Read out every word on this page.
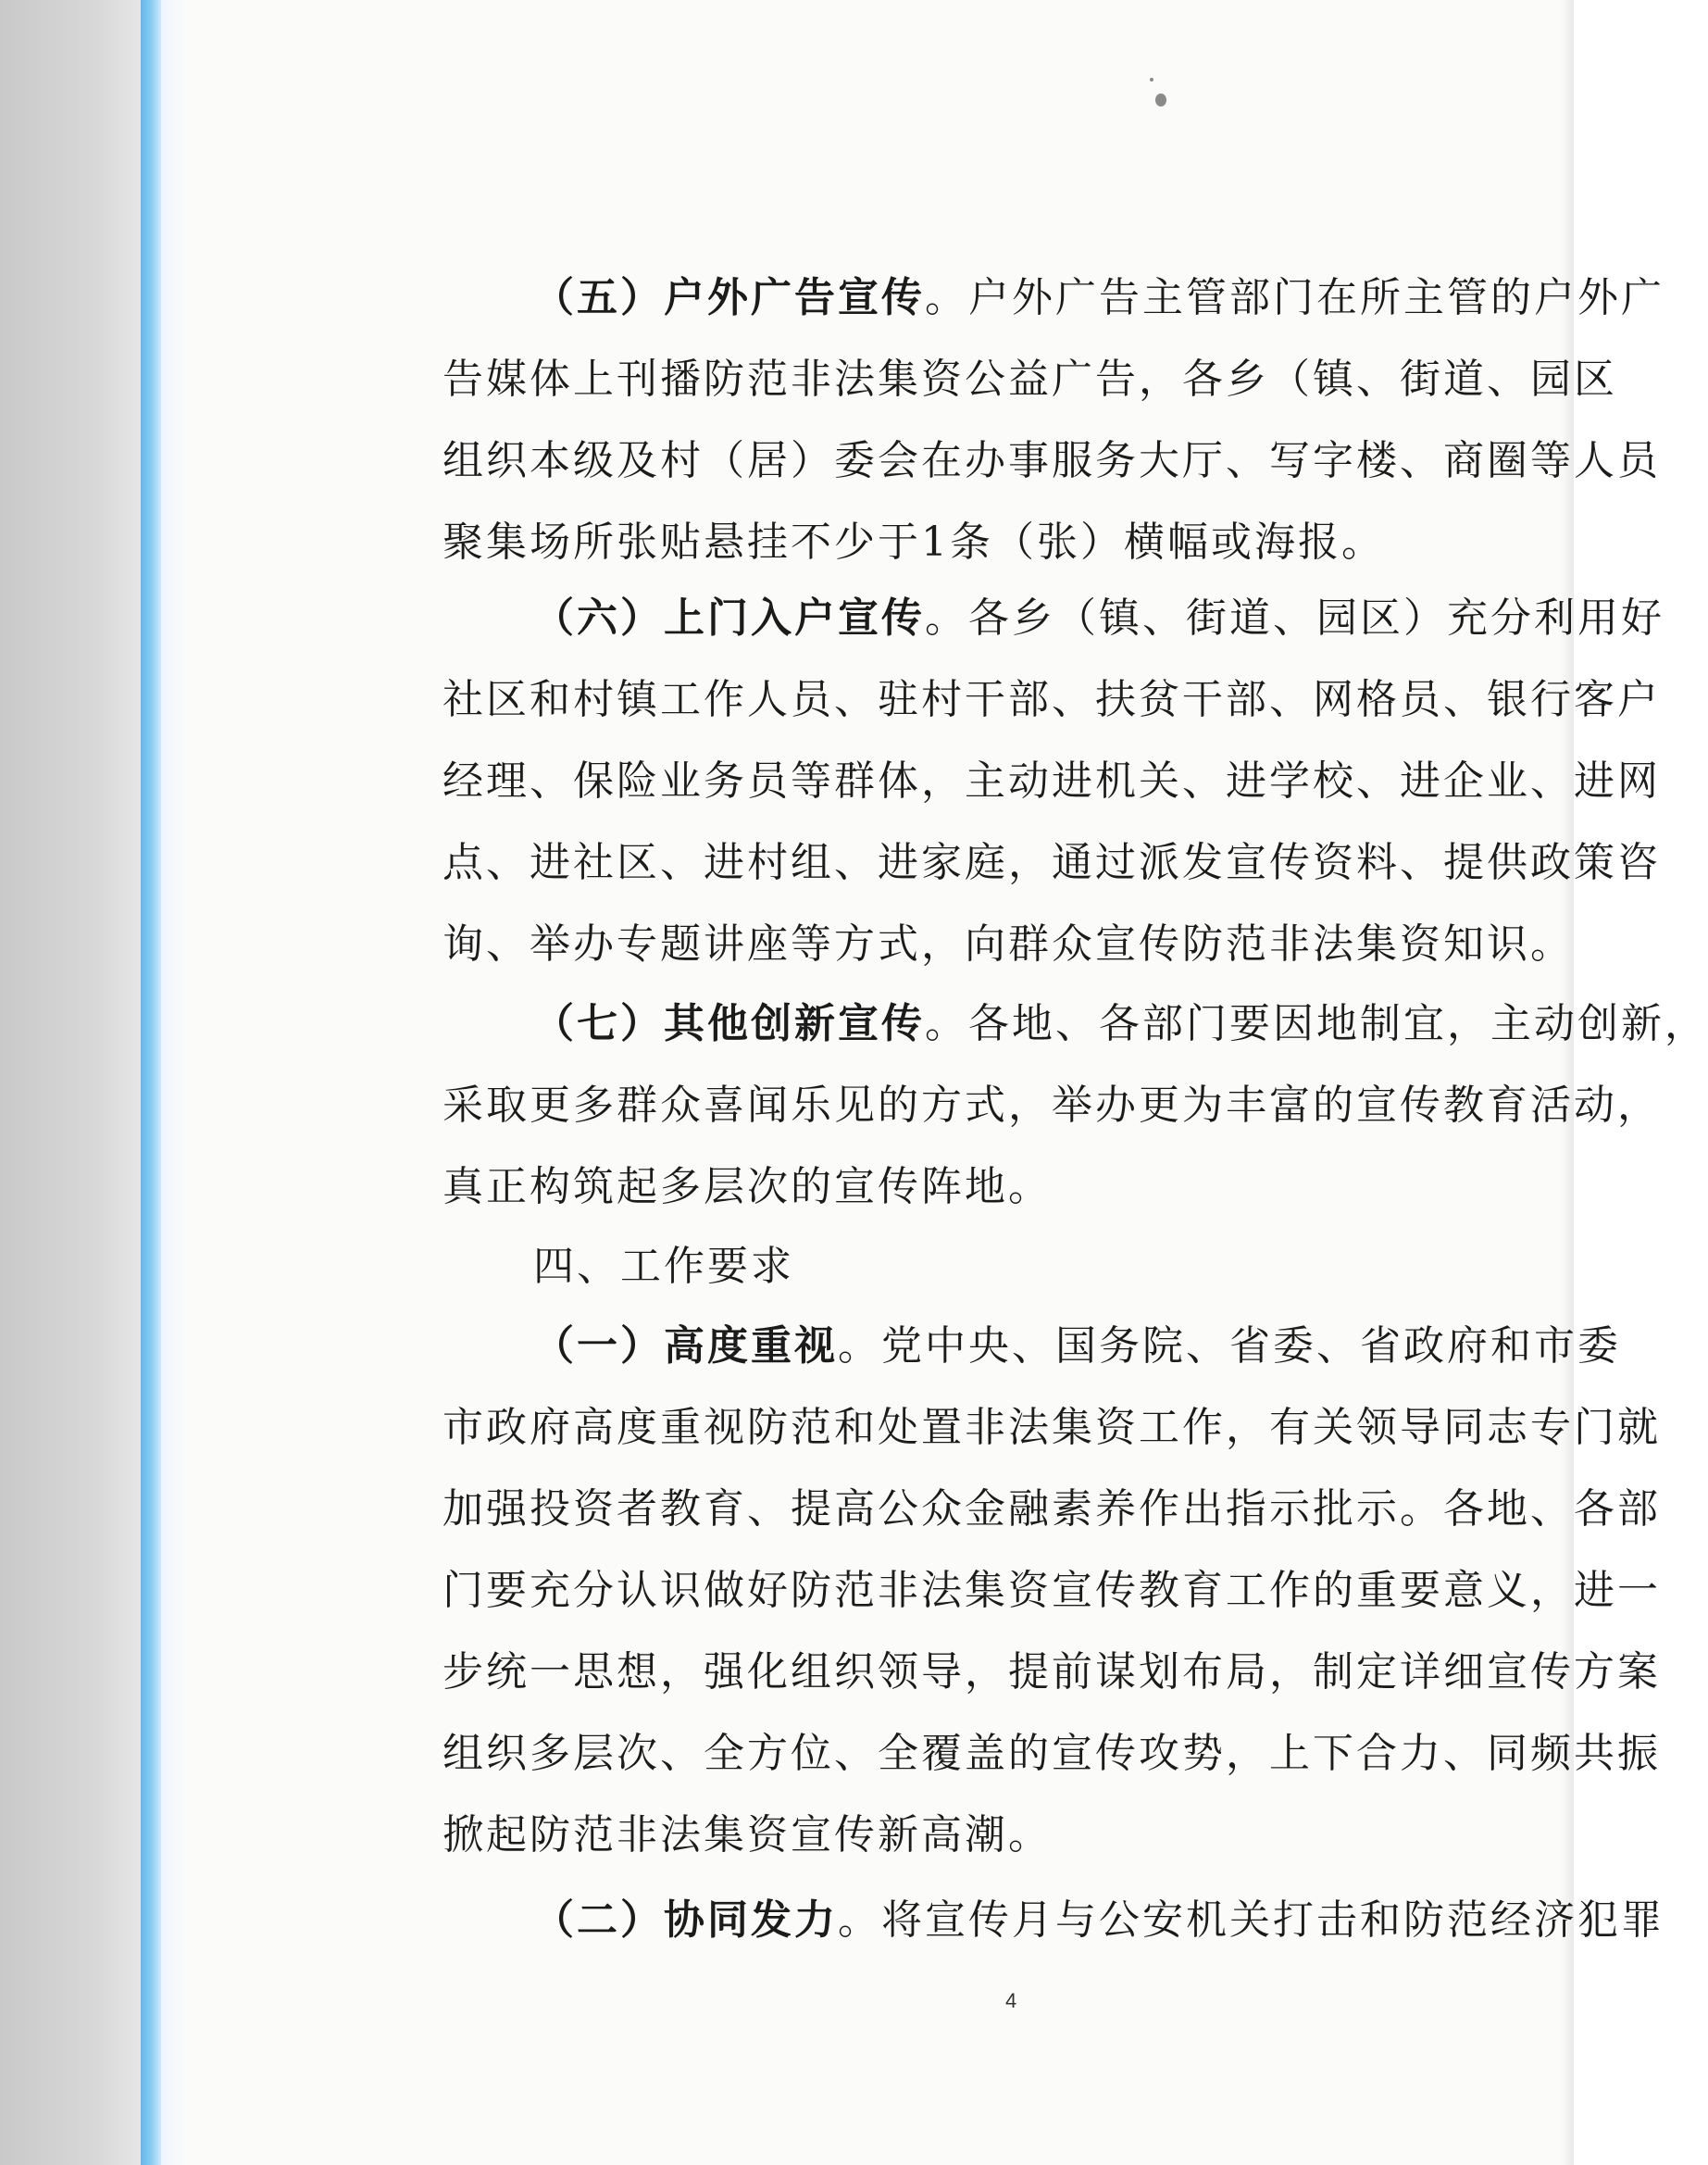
4
（五）户外广告宣传。户外广告主管部门在所主管的户外广
告媒体上刊播防范非法集资公益广告，各乡（镇、街道、园区
组织本级及村（居）委会在办事服务大厅、写字楼、商圈等人员
聚集场所张贴悬挂不少于1条（张）横幅或海报。
（六）上门入户宣传。各乡（镇、街道、园区）充分利用好
社区和村镇工作人员、驻村干部、扶贫干部、网格员、银行客户
经理、保险业务员等群体，主动进机关、进学校、进企业、进网
点、进社区、进村组、进家庭，通过派发宣传资料、提供政策咨
询、举办专题讲座等方式，向群众宣传防范非法集资知识。
（七）其他创新宣传。各地、各部门要因地制宜，主动创新，
采取更多群众喜闻乐见的方式，举办更为丰富的宣传教育活动，
真正构筑起多层次的宣传阵地。
四、工作要求
（一）高度重视。党中央、国务院、省委、省政府和市委
市政府高度重视防范和处置非法集资工作，有关领导同志专门就
加强投资者教育、提高公众金融素养作出指示批示。各地、各部
门要充分认识做好防范非法集资宣传教育工作的重要意义，进一
步统一思想，强化组织领导，提前谋划布局，制定详细宣传方案
组织多层次、全方位、全覆盖的宣传攻势，上下合力、同频共振
掀起防范非法集资宣传新高潮。
（二）协同发力。将宣传月与公安机关打击和防范经济犯罪
